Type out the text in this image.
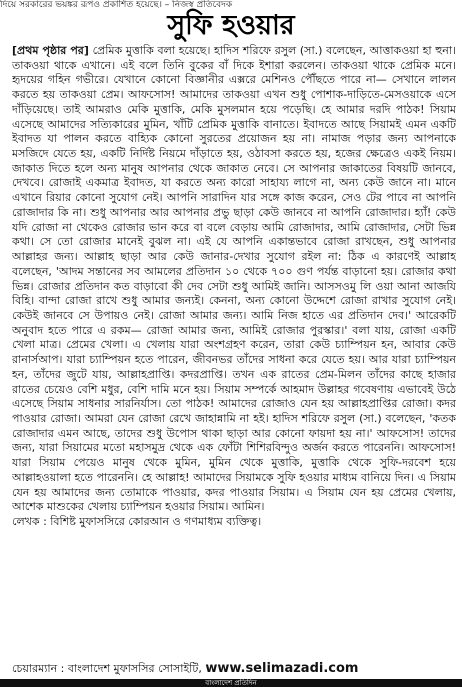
দিয়ে সরকারের ভয়ঙ্কর রূপও প্রকাশিত হয়েছে। – নিজস্ব প্রতিবেদক
সুফি হওয়ার
[প্রথম পৃষ্ঠার পর] প্রেমিক মুত্তাকি বলা হয়েছে। হাদিস শরিফে রসুল (সা.) বলেছেন, আত্তাকওয়া হা হুনা। তাকওয়া থাকে এখানে। এই বলে তিনি বুকের বাঁ দিকে ইশারা করলেন। তাকওয়া থাকে প্রেমিক মনে। হৃদয়ের গহিন গভীরে। যেখানে কোনো বিজ্ঞানীর এক্সরে মেশিনও পৌঁছতে পারে না— সেখানে লালন করতে হয় তাকওয়া প্রেম। আফসোস! আমাদের তাকওয়া এখন শুধু পোশাক-দাড়িতে-মেসওয়াকে এসে দাঁড়িয়েছে। তাই আমরাও মেকি মুত্তাকি, মেকি মুসলমান হয়ে পড়েছি। হে আমার দরদি পাঠক! সিয়াম এসেছে আমাদের সত্যিকারের মুমিন, খাঁটি প্রেমিক মুত্তাকি বানাতে। ইবাদতে আছে সিয়ামই এমন একটি ইবাদত যা পালন করতে বাহ্যিক কোনো সুরতের প্রয়োজন হয় না। নামাজ পড়ার জন্য আপনাকে মসজিদে যেতে হয়, একটি নির্দিষ্ট নিয়মে দাঁড়াতে হয়, ওঠাবসা করতে হয়, হজের ক্ষেত্রেও একই নিয়ম। জাকাত দিতে হলে অন্য মানুষ আপনার থেকে জাকাত নেবে। সে আপনার জাকাতের বিষয়টি জানবে, দেখবে। রোজাই একমাত্র ইবাদত, যা করতে অন্য কারো সাহায্য লাগে না, অন্য কেউ জানে না। মানে এখানে রিয়ার কোনো সুযোগ নেই। আপনি সারাদিন যার সঙ্গে কাজ করেন, সেও টের পাবে না আপনি রোজাদার কি না। শুধু আপনার আর আপনার প্রভু ছাড়া কেউ জানবে না আপনি রোজাদার। হ্যাঁ! কেউ যদি রোজা না থেকেও রোজার ভান করে বা বলে বেড়ায় আমি রোজাদার, আমি রোজাদার, সেটা ভিন্ন কথা। সে তো রোজার মানেই বুঝল না। এই যে আপনি একান্তভাবে রোজা রাখছেন, শুধু আপনার আল্লাহর জন্য। আল্লাহ ছাড়া আর কেউ জানার-দেখার সুযোগ রইল না: ঠিক এ কারণেই আল্লাহ বলেছেন, 'আদম সন্তানের সব আমলের প্রতিদান ১০ থেকে ৭০০ গুণ পর্যন্ত বাড়ানো হয়। রোজার কথা ভিন্ন। রোজার প্রতিদান কত বাড়াবো কী দেব সেটা শুধু আমিই জানি। আসসওমু লি ওয়া আনা আজযি বিহি। বান্দা রোজা রাখে শুধু আমার জন্যই। কেননা, অন্য কোনো উদ্দেশে রোজা রাখার সুযোগ নেই। কেউই জানবে সে উপায়ও নেই। রোজা আমার জন্য। আমি নিজ হাতে এর প্রতিদান দেব।' আরেকটি অনুবাদ হতে পারে এ রকম— রোজা আমার জন্য, আমিই রোজার পুরস্কার।' বলা যায়, রোজা একটি খেলা মাত্র। প্রেমের খেলা। এ খেলায় যারা অংশগ্রহণ করেন, তারা কেউ চ্যাম্পিয়ন হন, আবার কেউ রানার্সআপ। যারা চ্যাম্পিয়ন হতে পারেন, জীবনভর তাঁদের সাধনা করে যেতে হয়। আর যারা চ্যাম্পিয়ন হন, তাঁদের জুটে যায়, আল্লাহপ্রাপ্তি। কদরপ্রাপ্তি। তখন এক রাতের প্রেম-মিলন তাঁদের কাছে হাজার রাতের চেয়েও বেশি মধুর, বেশি দামি মনে হয়। সিয়াম সম্পর্কে আহমাদ উল্লাহর গবেষণায় এভাবেই উঠে এসেছে সিয়াম সাধনার সারনির্যাস। তো পাঠক! আমাদের রোজাও যেন হয় আল্লাহপ্রাপ্তির রোজা। কদর পাওয়ার রোজা। আমরা যেন রোজা রেখে জাহান্নামি না হই। হাদিস শরিফে রসুল (সা.) বলেছেন, 'কতক রোজাদার এমন আছে, তাদের শুধু উপোস থাকা ছাড়া আর কোনো ফায়দা হয় না।' আফসোস! তাদের জন্য, যারা সিয়ামের মতো মহাসমুদ্র থেকে এক ফোঁটা শিশিরবিন্দুও অর্জন করতে পারেননি। আফসোস! যারা সিয়াম পেয়েও মানুষ থেকে মুমিন, মুমিন থেকে মুত্তাকি, মুত্তাকি থেকে সুফি-দরবেশ হয়ে আল্লাহওয়ালা হতে পারেননি। হে আল্লাহ! আমাদের সিয়ামকে সুফি হওয়ার মাধ্যম বানিয়ে দিন। এ সিয়াম যেন হয় আমাদের জন্য তোমাকে পাওয়ার, কদর পাওয়ার সিয়াম। এ সিয়াম যেন হয় প্রেমের খেলায়, আশেক মাশুকের খেলায় চ্যাম্পিয়ন হওয়ার সিয়াম। আমিন।
লেখক : বিশিষ্ট মুফাসসিরে কোরআন ও গণমাধ্যম ব্যক্তিত্ব।
চেয়ারম্যান : বাংলাদেশ মুফাসসির সোসাইটি, www.selimazadi.com
বাংলাদেশ প্রতিদিন
